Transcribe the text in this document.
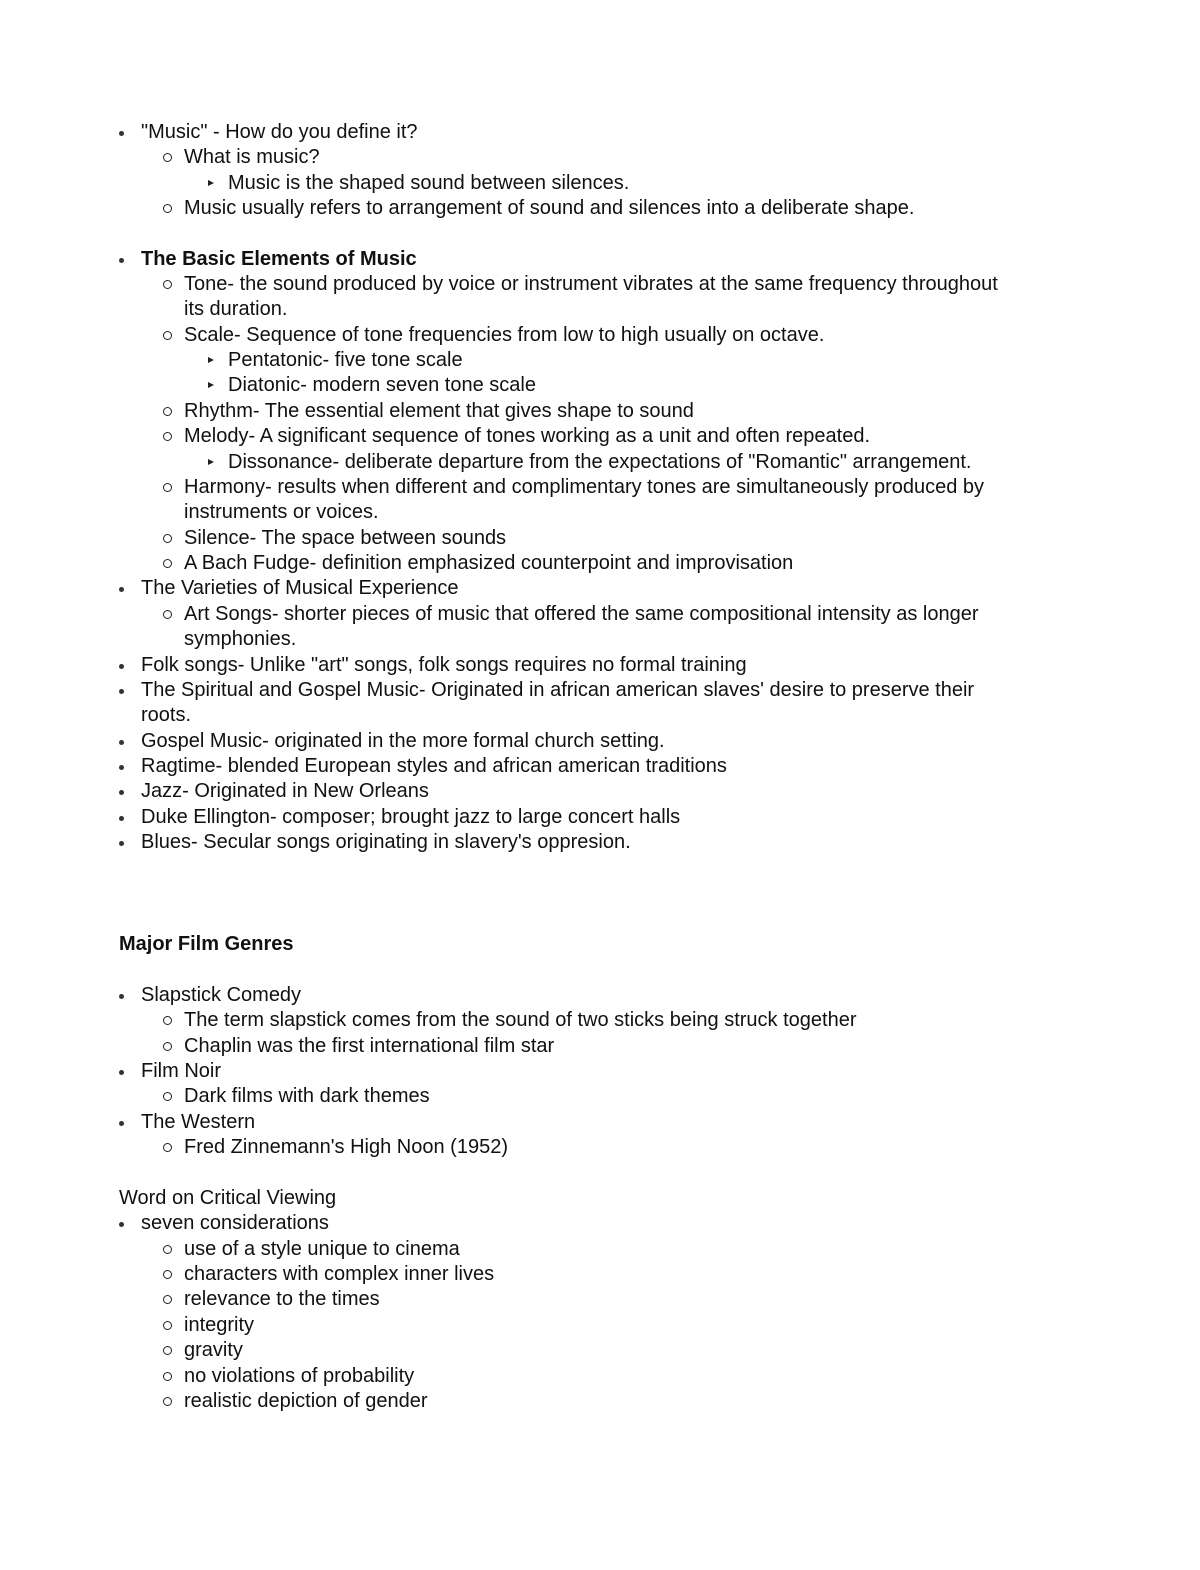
"Music" - How do you define it?
What is music?
Music is the shaped sound between silences.
Music usually refers to arrangement of sound and silences into a deliberate shape.
The Basic Elements of Music
Tone- the sound produced by voice or instrument vibrates at the same frequency throughout
its duration.
Scale- Sequence of tone frequencies from low to high usually on octave.
Pentatonic- five tone scale
Diatonic- modern seven tone scale
Rhythm- The essential element that gives shape to sound
Melody- A significant sequence of tones working as a unit and often repeated.
Dissonance- deliberate departure from the expectations of "Romantic" arrangement.
Harmony- results when different and complimentary tones are simultaneously produced by
instruments or voices.
Silence- The space between sounds
A Bach Fudge- definition emphasized counterpoint and improvisation
The Varieties of Musical Experience
Art Songs- shorter pieces of music that offered the same compositional intensity as longer
symphonies.
Folk songs- Unlike "art" songs, folk songs requires no formal training
The Spiritual and Gospel Music- Originated in african american slaves' desire to preserve their
roots.
Gospel Music- originated in the more formal church setting.
Ragtime- blended European styles and african american traditions
Jazz- Originated in New Orleans
Duke Ellington- composer; brought jazz to large concert halls
Blues- Secular songs originating in slavery's oppresion.
Major Film Genres
Slapstick Comedy
The term slapstick comes from the sound of two sticks being struck together
Chaplin was the first international film star
Film Noir
Dark films with dark themes
The Western
Fred Zinnemann's High Noon (1952)
Word on Critical Viewing
seven considerations
use of a style unique to cinema
characters with complex inner lives
relevance to the times
integrity
gravity
no violations of probability
realistic depiction of gender
